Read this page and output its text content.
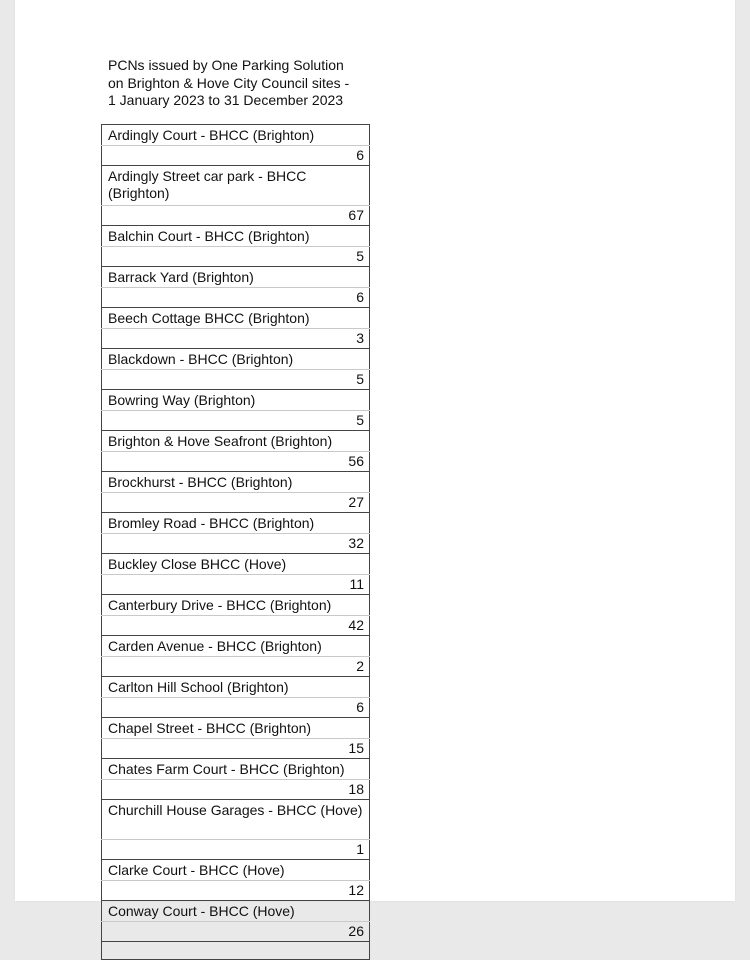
PCNs issued by One Parking Solution
on Brighton & Hove City Council sites -
1 January 2023 to 31 December 2023
Ardingly Court - BHCC (Brighton)
6
Ardingly Street car park - BHCC (Brighton)
67
Balchin Court - BHCC (Brighton)
5
Barrack Yard (Brighton)
6
Beech Cottage BHCC (Brighton)
3
Blackdown - BHCC (Brighton)
5
Bowring Way (Brighton)
5
Brighton & Hove Seafront (Brighton)
56
Brockhurst - BHCC (Brighton)
27
Bromley Road - BHCC (Brighton)
32
Buckley Close BHCC (Hove)
11
Canterbury Drive - BHCC (Brighton)
42
Carden Avenue - BHCC (Brighton)
2
Carlton Hill School (Brighton)
6
Chapel Street - BHCC (Brighton)
15
Chates Farm Court - BHCC (Brighton)
18
Churchill House Garages - BHCC (Hove)
1
Clarke Court - BHCC (Hove)
12
Conway Court - BHCC (Hove)
26
